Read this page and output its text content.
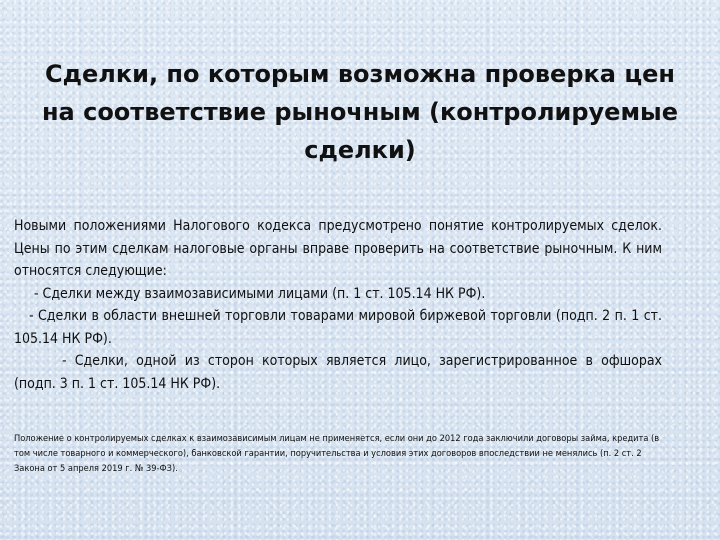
Сделки, по которым возможна проверка цен
на соответствие рыночным (контролируемые
сделки)

Новыми положениями Налогового кодекса предусмотрено понятие контролируемых сделок. Цены по этим сделкам налоговые органы вправе проверить на соответствие рыночным. К ним относятся следующие:

- Сделки между взаимозависимыми лицами (п. 1 ст. 105.14 НК РФ).

- Сделки в области внешней торговли товарами мировой биржевой торговли (подп. 2 п. 1 ст. 105.14 НК РФ).

- Сделки, одной из сторон которых является лицо, зарегистрированное в офшорах (подп. 3 п. 1 ст. 105.14 НК РФ).

Положение о контролируемых сделках к взаимозависимым лицам не применяется, если они до 2012 года заключили договоры займа, кредита (в том числе товарного и коммерческого), банковской гарантии, поручительства и условия этих договоров впоследствии не менялись (п. 2 ст. 2 Закона от 5 апреля 2019 г. № 39-ФЗ).
